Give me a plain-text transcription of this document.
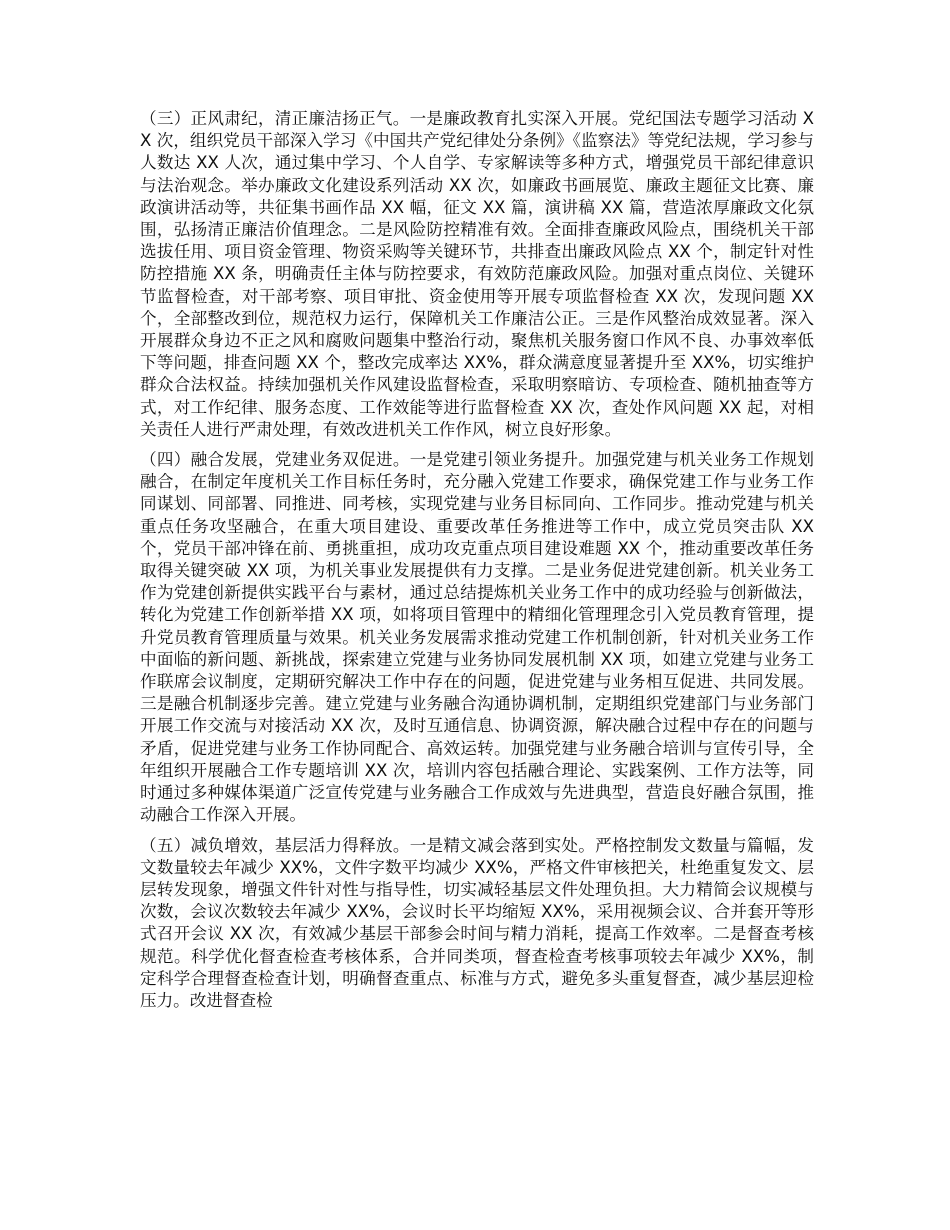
（三）正风肃纪，清正廉洁扬正气。一是廉政教育扎实深入开展。党纪国法专题学习活动 XX 次，组织党员干部深入学习《中国共产党纪律处分条例》《监察法》等党纪法规，学习参与人数达 XX 人次，通过集中学习、个人自学、专家解读等多种方式，增强党员干部纪律意识与法治观念。举办廉政文化建设系列活动 XX 次，如廉政书画展览、廉政主题征文比赛、廉政演讲活动等，共征集书画作品 XX 幅，征文 XX 篇，演讲稿 XX 篇，营造浓厚廉政文化氛围，弘扬清正廉洁价值理念。二是风险防控精准有效。全面排查廉政风险点，围绕机关干部选拔任用、项目资金管理、物资采购等关键环节，共排查出廉政风险点 XX 个，制定针对性防控措施 XX 条，明确责任主体与防控要求，有效防范廉政风险。加强对重点岗位、关键环节监督检查，对干部考察、项目审批、资金使用等开展专项监督检查 XX 次，发现问题 XX 个，全部整改到位，规范权力运行，保障机关工作廉洁公正。三是作风整治成效显著。深入开展群众身边不正之风和腐败问题集中整治行动，聚焦机关服务窗口作风不良、办事效率低下等问题，排查问题 XX 个，整改完成率达 XX%，群众满意度显著提升至 XX%，切实维护群众合法权益。持续加强机关作风建设监督检查，采取明察暗访、专项检查、随机抽查等方式，对工作纪律、服务态度、工作效能等进行监督检查 XX 次，查处作风问题 XX 起，对相关责任人进行严肃处理，有效改进机关工作作风，树立良好形象。

（四）融合发展，党建业务双促进。一是党建引领业务提升。加强党建与机关业务工作规划融合，在制定年度机关工作目标任务时，充分融入党建工作要求，确保党建工作与业务工作同谋划、同部署、同推进、同考核，实现党建与业务目标同向、工作同步。推动党建与机关重点任务攻坚融合，在重大项目建设、重要改革任务推进等工作中，成立党员突击队 XX 个，党员干部冲锋在前、勇挑重担，成功攻克重点项目建设难题 XX 个，推动重要改革任务取得关键突破 XX 项，为机关事业发展提供有力支撑。二是业务促进党建创新。机关业务工作为党建创新提供实践平台与素材，通过总结提炼机关业务工作中的成功经验与创新做法，转化为党建工作创新举措 XX 项，如将项目管理中的精细化管理理念引入党员教育管理，提升党员教育管理质量与效果。机关业务发展需求推动党建工作机制创新，针对机关业务工作中面临的新问题、新挑战，探索建立党建与业务协同发展机制 XX 项，如建立党建与业务工作联席会议制度，定期研究解决工作中存在的问题，促进党建与业务相互促进、共同发展。三是融合机制逐步完善。建立党建与业务融合沟通协调机制，定期组织党建部门与业务部门开展工作交流与对接活动 XX 次，及时互通信息、协调资源，解决融合过程中存在的问题与矛盾，促进党建与业务工作协同配合、高效运转。加强党建与业务融合培训与宣传引导，全年组织开展融合工作专题培训 XX 次，培训内容包括融合理论、实践案例、工作方法等，同时通过多种媒体渠道广泛宣传党建与业务融合工作成效与先进典型，营造良好融合氛围，推动融合工作深入开展。

（五）减负增效，基层活力得释放。一是精文减会落到实处。严格控制发文数量与篇幅，发文数量较去年减少 XX%，文件字数平均减少 XX%，严格文件审核把关，杜绝重复发文、层层转发现象，增强文件针对性与指导性，切实减轻基层文件处理负担。大力精简会议规模与次数，会议次数较去年减少 XX%，会议时长平均缩短 XX%，采用视频会议、合并套开等形式召开会议 XX 次，有效减少基层干部参会时间与精力消耗，提高工作效率。二是督查考核规范。科学优化督查检查考核体系，合并同类项，督查检查考核事项较去年减少 XX%，制定科学合理督查检查计划，明确督查重点、标准与方式，避免多头重复督查，减少基层迎检压力。改进督查检
